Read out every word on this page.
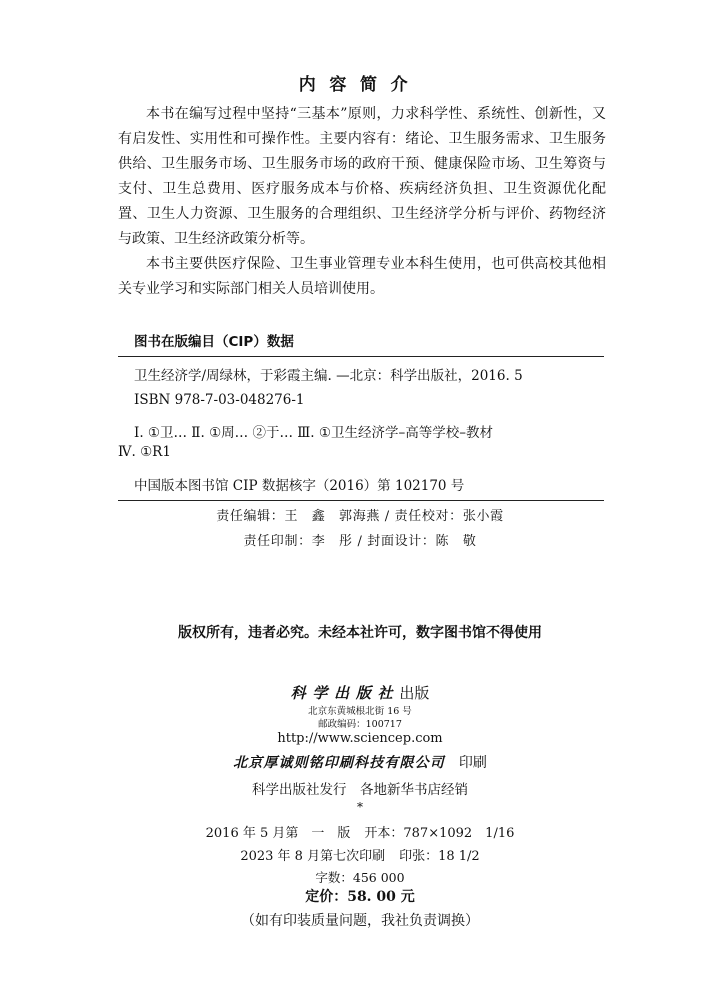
内容简介

本书在编写过程中坚持“三基本”原则，力求科学性、系统性、创新性，又有启发性、实用性和可操作性。主要内容有：绪论、卫生服务需求、卫生服务供给、卫生服务市场、卫生服务市场的政府干预、健康保险市场、卫生筹资与支付、卫生总费用、医疗服务成本与价格、疾病经济负担、卫生资源优化配置、卫生人力资源、卫生服务的合理组织、卫生经济学分析与评价、药物经济与政策、卫生经济政策分析等。

本书主要供医疗保险、卫生事业管理专业本科生使用，也可供高校其他相关专业学习和实际部门相关人员培训使用。

图书在版编目（CIP）数据
卫生经济学/周绿林，于彩霞主编. —北京：科学出版社，2016. 5
ISBN 978-7-03-048276-1
Ⅰ. ①卫… Ⅱ. ①周… ②于… Ⅲ. ①卫生经济学–高等学校–教材
Ⅳ. ①R1
中国版本图书馆 CIP 数据核字（2016）第 102170 号
责任编辑：王　鑫　郭海燕 / 责任校对：张小霞
责任印制：李　彤 / 封面设计：陈　敬
版权所有，违者必究。未经本社许可，数字图书馆不得使用
科学出版社出版
北京东黄城根北街 16 号
邮政编码：100717
http://www.sciencep.com
北京厚诚则铭印刷科技有限公司 印刷
科学出版社发行　各地新华书店经销
*
2016 年 5 月第　一　版 开本：787×1092　1/16
2023 年 8 月第七次印刷 印张：18 1/2
字数：456 000
定价：58. 00 元
（如有印装质量问题，我社负责调换）
